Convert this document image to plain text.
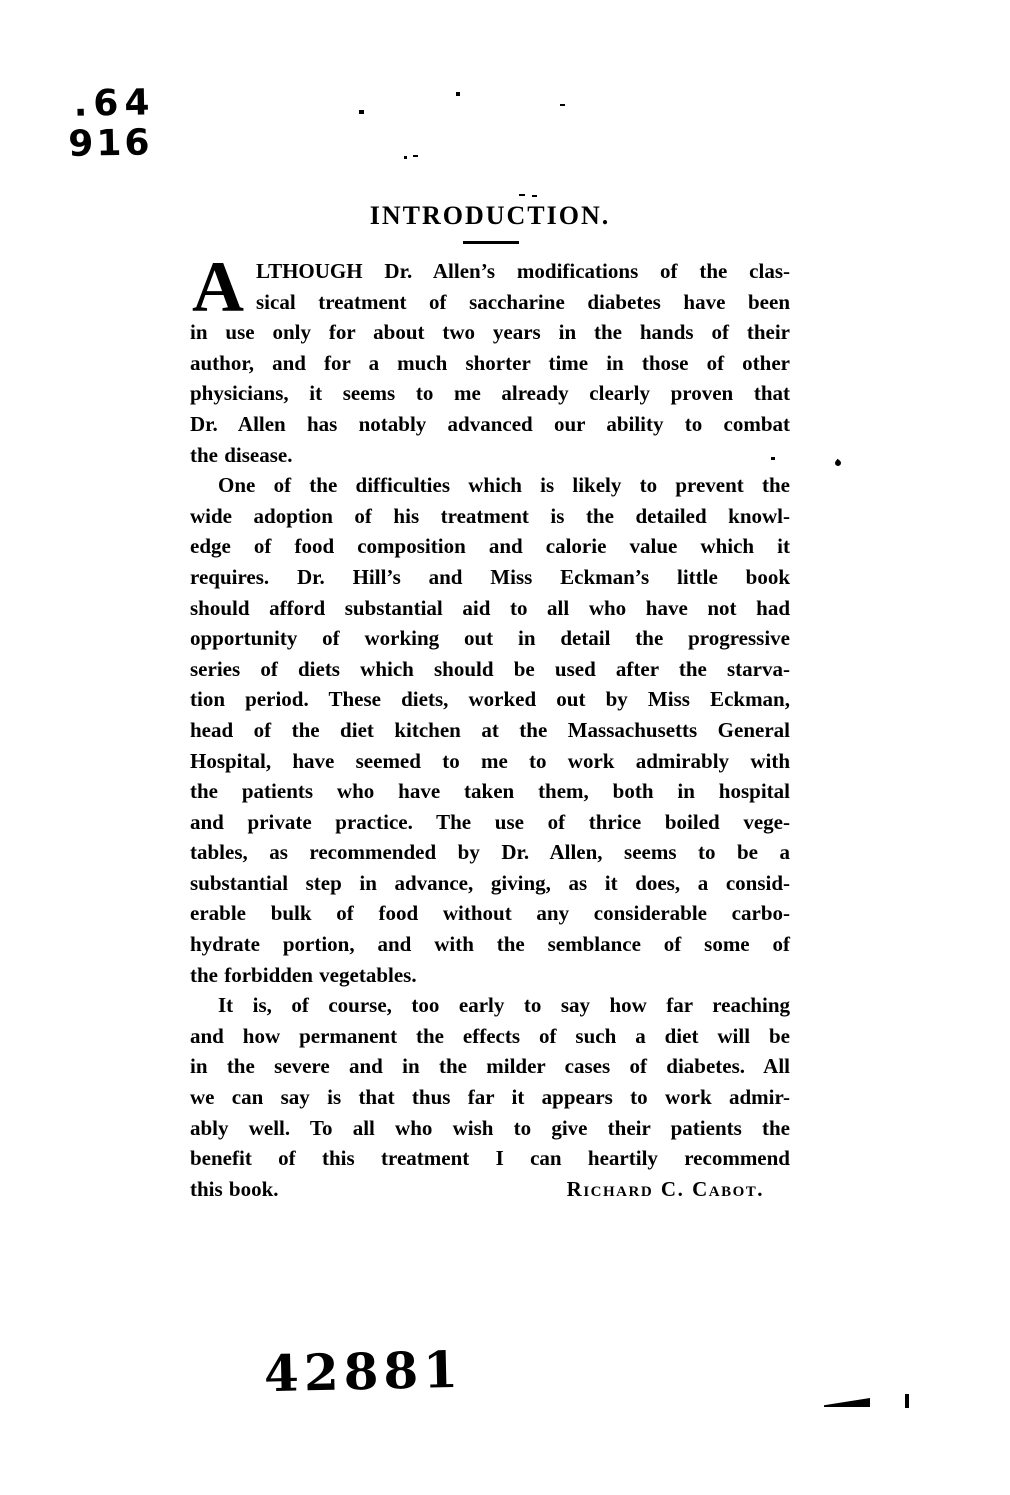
.64
916
INTRODUCTION.
A LTHOUGH Dr. Allen’s modifications of the clas-
sical treatment of saccharine diabetes have been
in use only for about two years in the hands of their
author, and for a much shorter time in those of other
physicians, it seems to me already clearly proven that
Dr. Allen has notably advanced our ability to combat
the disease.
One of the difficulties which is likely to prevent the
wide adoption of his treatment is the detailed knowl-
edge of food composition and calorie value which it
requires. Dr. Hill’s and Miss Eckman’s little book
should afford substantial aid to all who have not had
opportunity of working out in detail the progressive
series of diets which should be used after the starva-
tion period. These diets, worked out by Miss Eckman,
head of the diet kitchen at the Massachusetts General
Hospital, have seemed to me to work admirably with
the patients who have taken them, both in hospital
and private practice. The use of thrice boiled vege-
tables, as recommended by Dr. Allen, seems to be a
substantial step in advance, giving, as it does, a consid-
erable bulk of food without any considerable carbo-
hydrate portion, and with the semblance of some of
the forbidden vegetables.
It is, of course, too early to say how far reaching
and how permanent the effects of such a diet will be
in the severe and in the milder cases of diabetes. All
we can say is that thus far it appears to work admir-
ably well. To all who wish to give their patients the
benefit of this treatment I can heartily recommend
this book.	Richard C. Cabot.
42881
